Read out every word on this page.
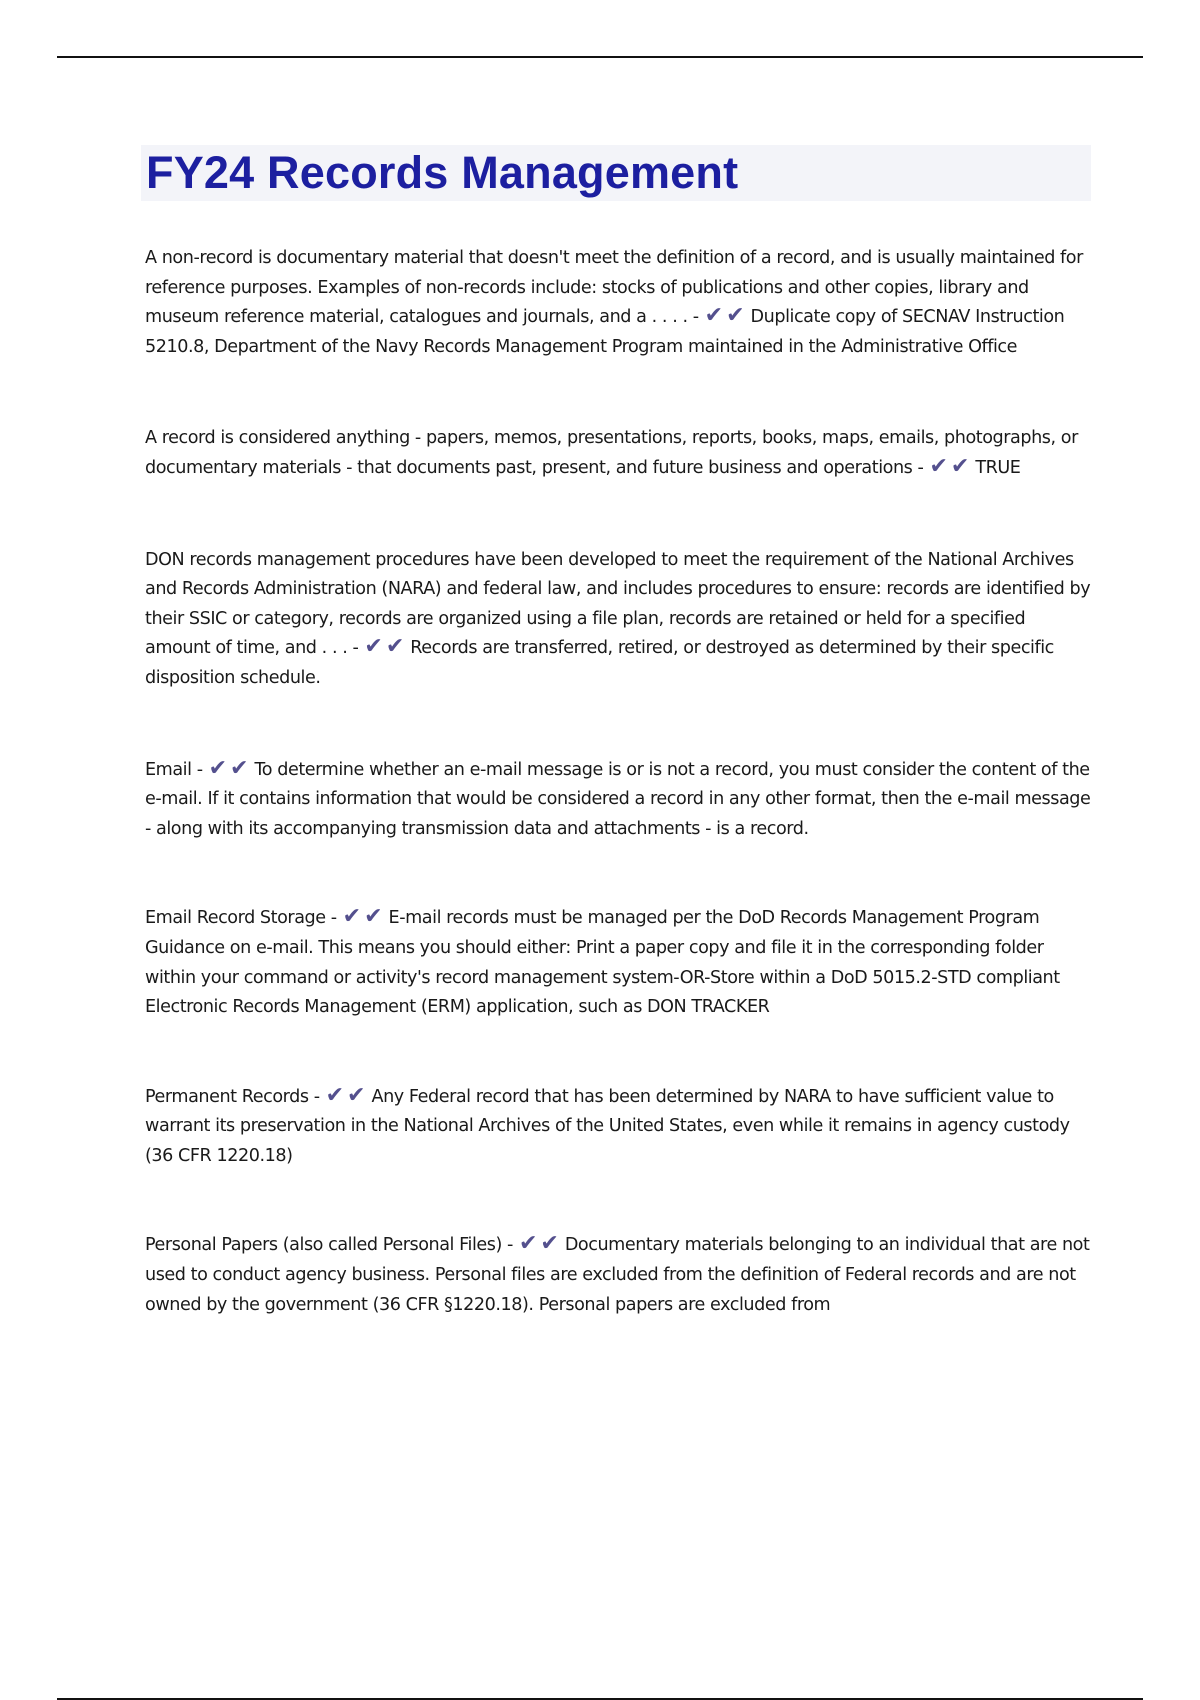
FY24 Records Management

A non-record is documentary material that doesn't meet the definition of a record, and is usually maintained for reference purposes. Examples of non-records include: stocks of publications and other copies, library and museum reference material, catalogues and journals, and a . . . . - ✔✔ Duplicate copy of SECNAV Instruction 5210.8, Department of the Navy Records Management Program maintained in the Administrative Office

A record is considered anything - papers, memos, presentations, reports, books, maps, emails, photographs, or documentary materials - that documents past, present, and future business and operations - ✔✔ TRUE

DON records management procedures have been developed to meet the requirement of the National Archives and Records Administration (NARA) and federal law, and includes procedures to ensure: records are identified by their SSIC or category, records are organized using a file plan, records are retained or held for a specified amount of time, and . . . - ✔✔ Records are transferred, retired, or destroyed as determined by their specific disposition schedule.

Email - ✔✔ To determine whether an e-mail message is or is not a record, you must consider the content of the e-mail. If it contains information that would be considered a record in any other format, then the e-mail message - along with its accompanying transmission data and attachments - is a record.

Email Record Storage - ✔✔ E-mail records must be managed per the DoD Records Management Program Guidance on e-mail. This means you should either: Print a paper copy and file it in the corresponding folder within your command or activity's record management system-OR-Store within a DoD 5015.2-STD compliant Electronic Records Management (ERM) application, such as DON TRACKER

Permanent Records - ✔✔ Any Federal record that has been determined by NARA to have sufficient value to warrant its preservation in the National Archives of the United States, even while it remains in agency custody (36 CFR 1220.18)

Personal Papers (also called Personal Files) - ✔✔ Documentary materials belonging to an individual that are not used to conduct agency business. Personal files are excluded from the definition of Federal records and are not owned by the government (36 CFR §1220.18). Personal papers are excluded from
